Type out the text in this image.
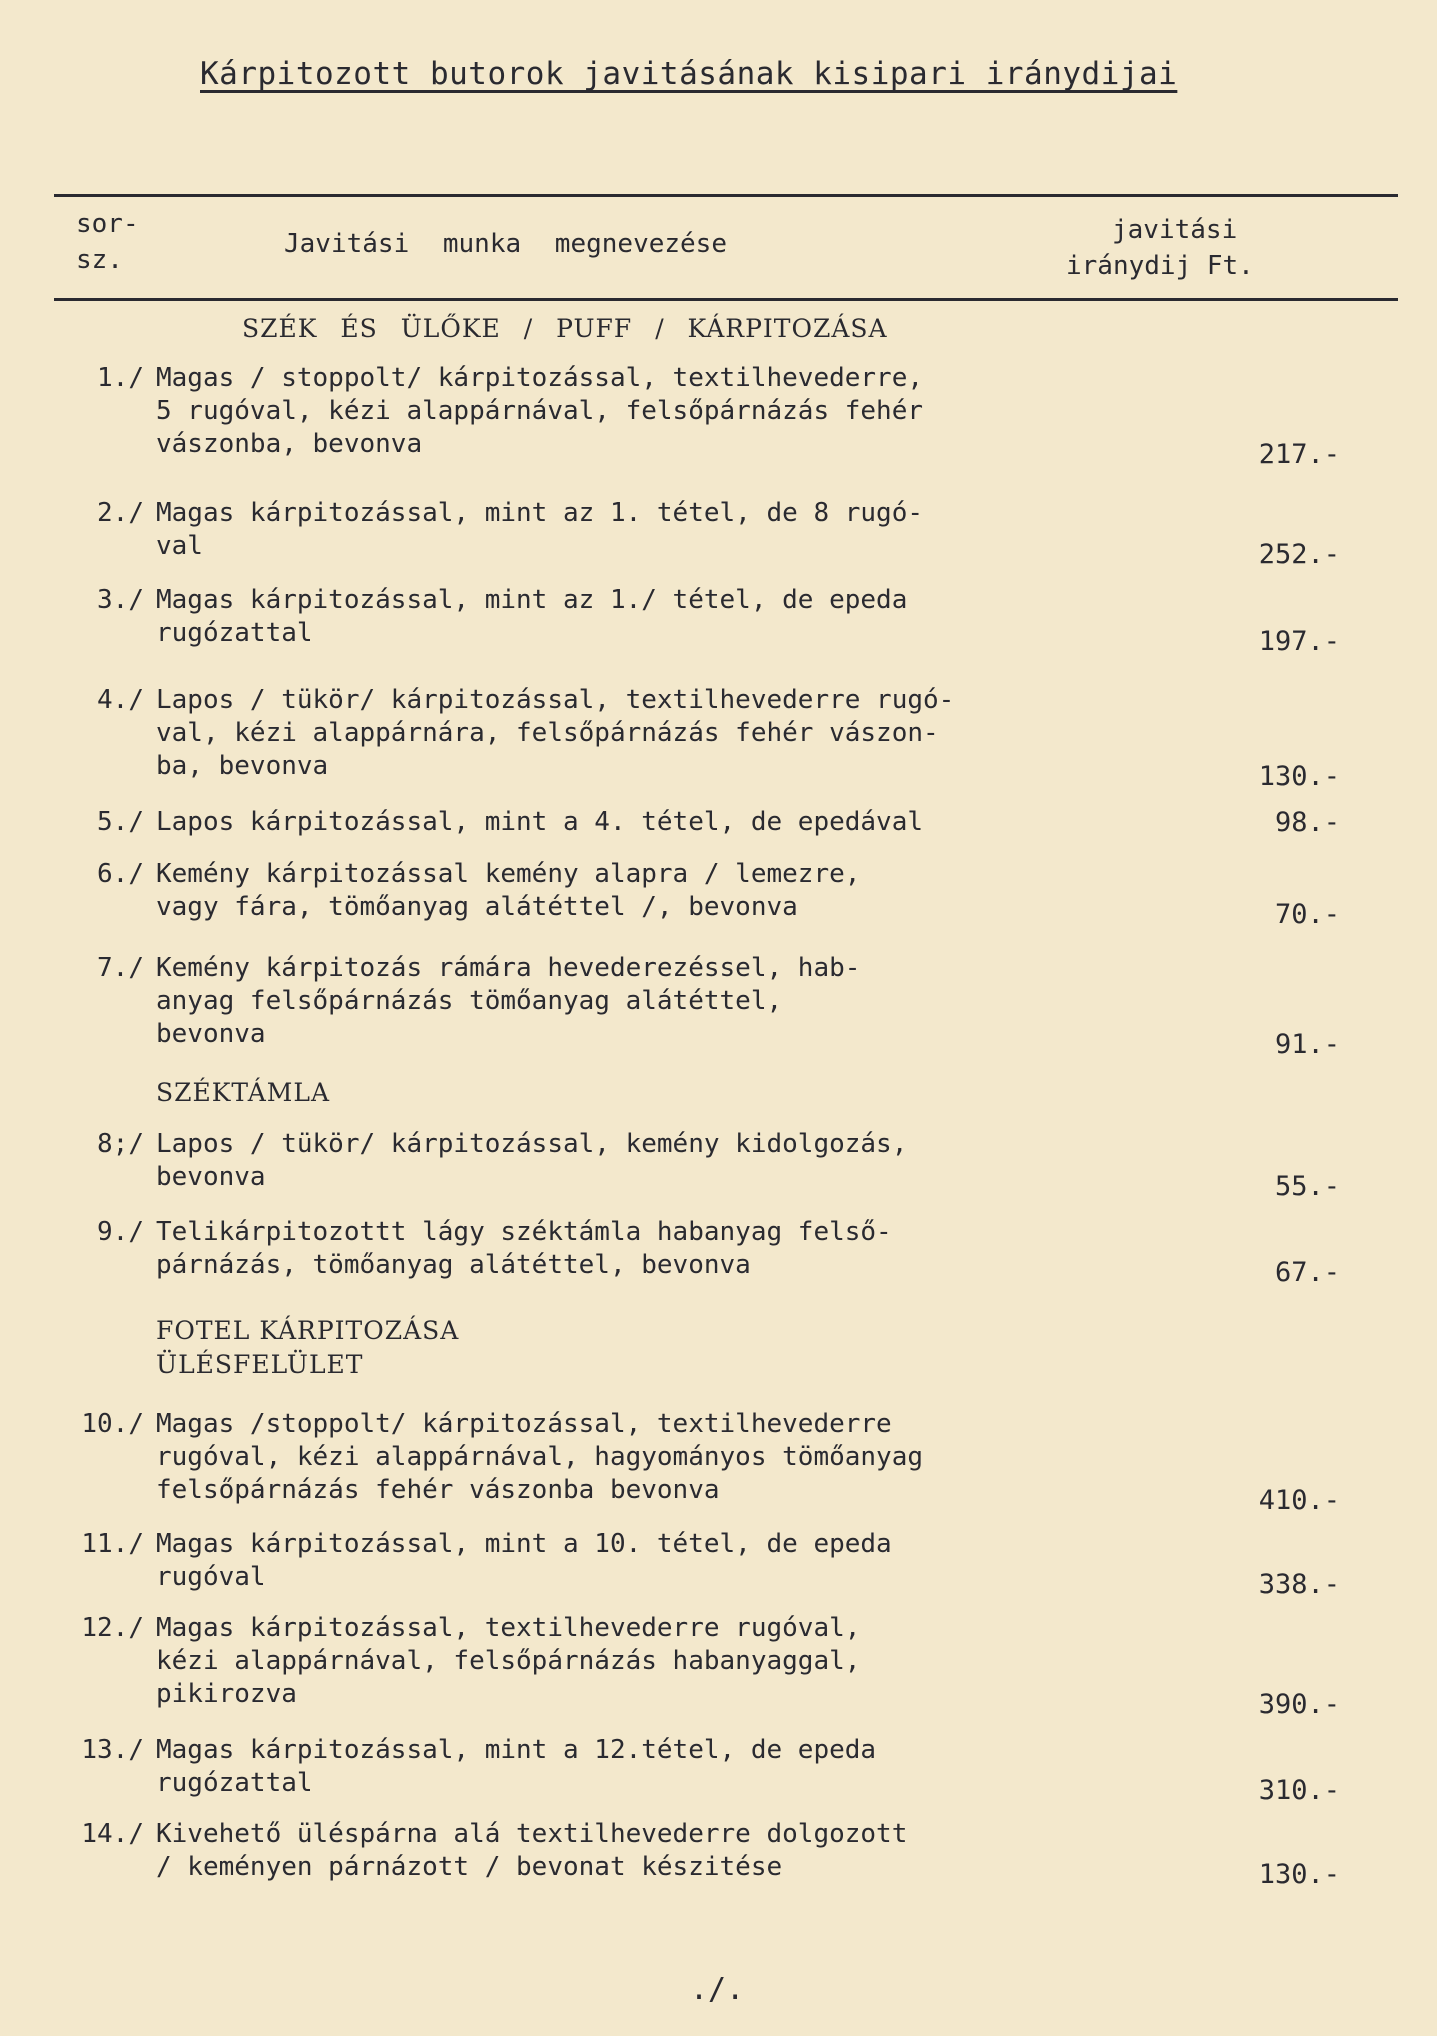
Kárpitozott butorok javitásának kisipari iránydijai
sor-
sz.
Javitási munka megnevezése	javitási
iránydij Ft.
SZÉK ÉS ÜLŐKE / PUFF / KÁRPITOZÁSA
SZÉKTÁMLA
FOTEL KÁRPITOZÁSA
ÜLÉSFELÜLET
1./ Magas / stoppolt/ kárpitozással, textilhevederre,
5 rugóval, kézi alappárnával, felsőpárnázás fehér
vászonba, bevonva	217.-
2./ Magas kárpitozással, mint az 1. tétel, de 8 rugó-
val	252.-
3./ Magas kárpitozással, mint az 1./ tétel, de epeda
rugózattal	197.-
4./ Lapos / tükör/ kárpitozással, textilhevederre rugó-
val, kézi alappárnára, felsőpárnázás fehér vászon-
ba, bevonva	130.-
5./ Lapos kárpitozással, mint a 4. tétel, de epedával	98.-
6./ Kemény kárpitozással kemény alapra / lemezre,
vagy fára, tömőanyag alátéttel /, bevonva	70.-
7./ Kemény kárpitozás rámára hevederezéssel, hab-
anyag felsőpárnázás tömőanyag alátéttel,
bevonva	91.-
8;/ Lapos / tükör/ kárpitozással, kemény kidolgozás,
bevonva	55.-
9./ Telikárpitozottt lágy széktámla habanyag felső-
párnázás, tömőanyag alátéttel, bevonva	67.-
10./ Magas /stoppolt/ kárpitozással, textilhevederre
rugóval, kézi alappárnával, hagyományos tömőanyag
felsőpárnázás fehér vászonba bevonva	410.-
11./ Magas kárpitozással, mint a 10. tétel, de epeda
rugóval	338.-
12./ Magas kárpitozással, textilhevederre rugóval,
kézi alappárnával, felsőpárnázás habanyaggal,
pikirozva	390.-
13./ Magas kárpitozással, mint a 12.tétel, de epeda
rugózattal	310.-
14./ Kivehető üléspárna alá textilhevederre dolgozott
/ keményen párnázott / bevonat készitése	130.-
./.
